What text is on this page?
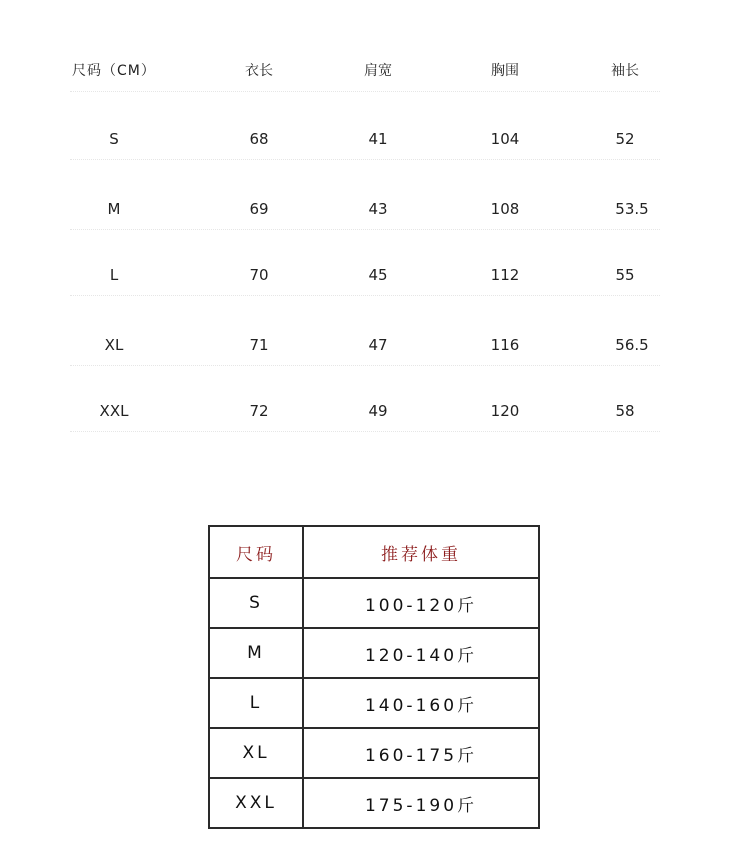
尺码（CM）	衣长	肩宽	胸围	袖长
S	68	41	104	52
M	69	43	108	53.5
L	70	45	112	55
XL	71	47	116	56.5
XXL	72	49	120	58
尺码	推荐体重
S	100-120斤
M	120-140斤
L	140-160斤
XL	160-175斤
XXL	175-190斤
